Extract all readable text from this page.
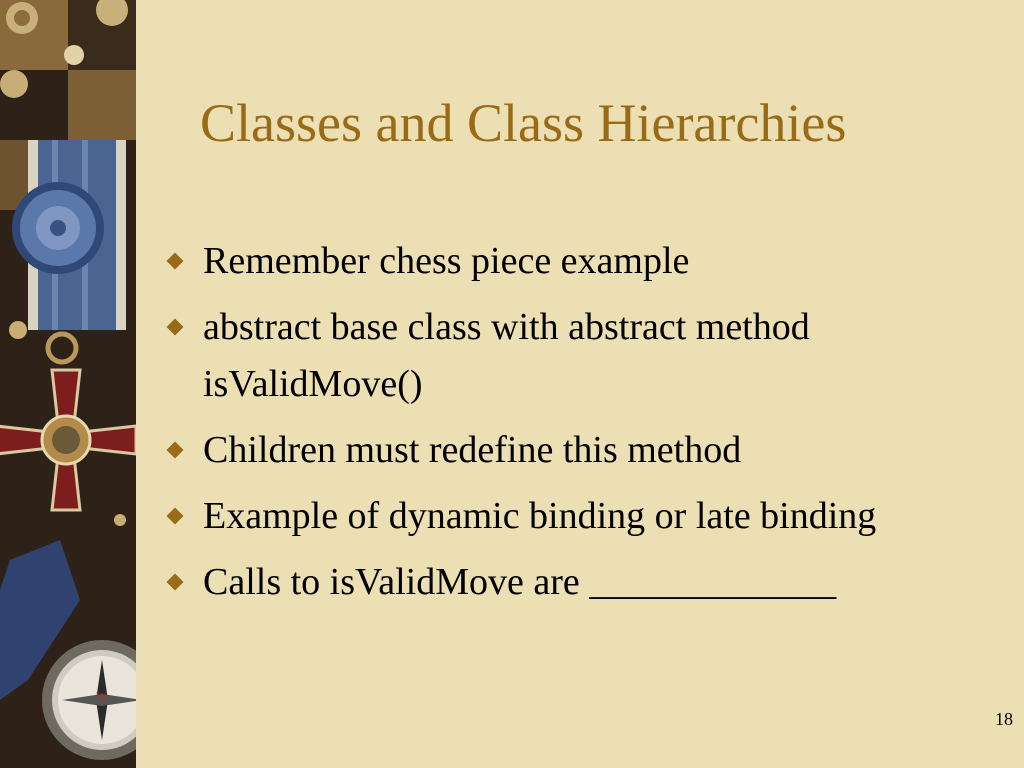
W
Classes and Class Hierarchies
Remember chess piece example
abstract base class with abstract method isValidMove()
Children must redefine this method
Example of dynamic binding or late binding
Calls to isValidMove are _____________
18
